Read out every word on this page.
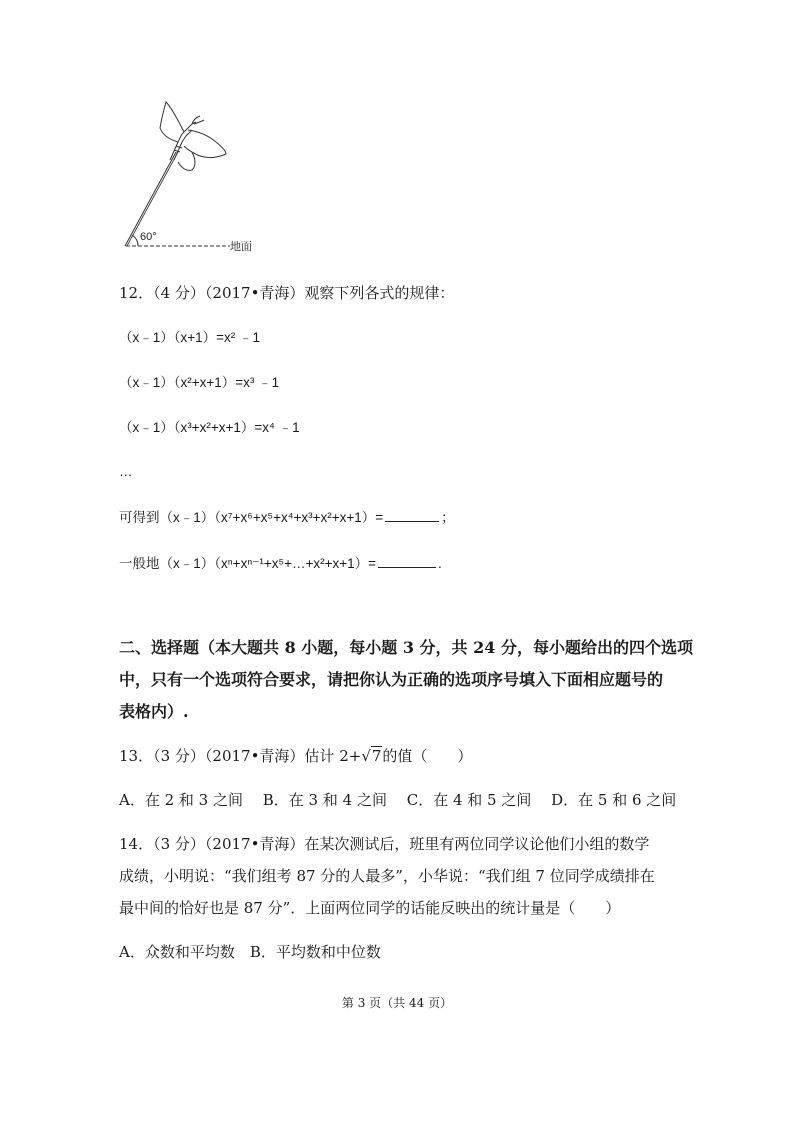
60°
地面
12．（4 分）（2017•青海）观察下列各式的规律：
（x﹣1）（x+1）=x² ﹣1
（x﹣1）（x²+x+1）=x³ ﹣1
（x﹣1）（x³+x²+x+1）=x⁴ ﹣1
…
可得到（x﹣1）（x⁷+x⁶+x⁵+x⁴+x³+x²+x+1）=	；
一般地（x﹣1）（xⁿ+xⁿ⁻¹+x⁵+…+x²+x+1）=	.
二、选择题（本大题共 8 小题，每小题 3 分，共 24 分，每小题给出的四个选项
中，只有一个选项符合要求，请把你认为正确的选项序号填入下面相应题号的
表格内）.
13．（3 分）（2017•青海）估计 2+√7的值（　　）
A．在 2 和 3 之间　 B．在 3 和 4 之间　 C．在 4 和 5 之间　 D．在 5 和 6 之间
14．（3 分）（2017•青海）在某次测试后，班里有两位同学议论他们小组的数学
成绩，小明说：“我们组考 87 分的人最多”，小华说：“我们组 7 位同学成绩排在
最中间的恰好也是 87 分”．上面两位同学的话能反映出的统计量是（　　）
A．众数和平均数　B．平均数和中位数
第 3 页（共 44 页）
